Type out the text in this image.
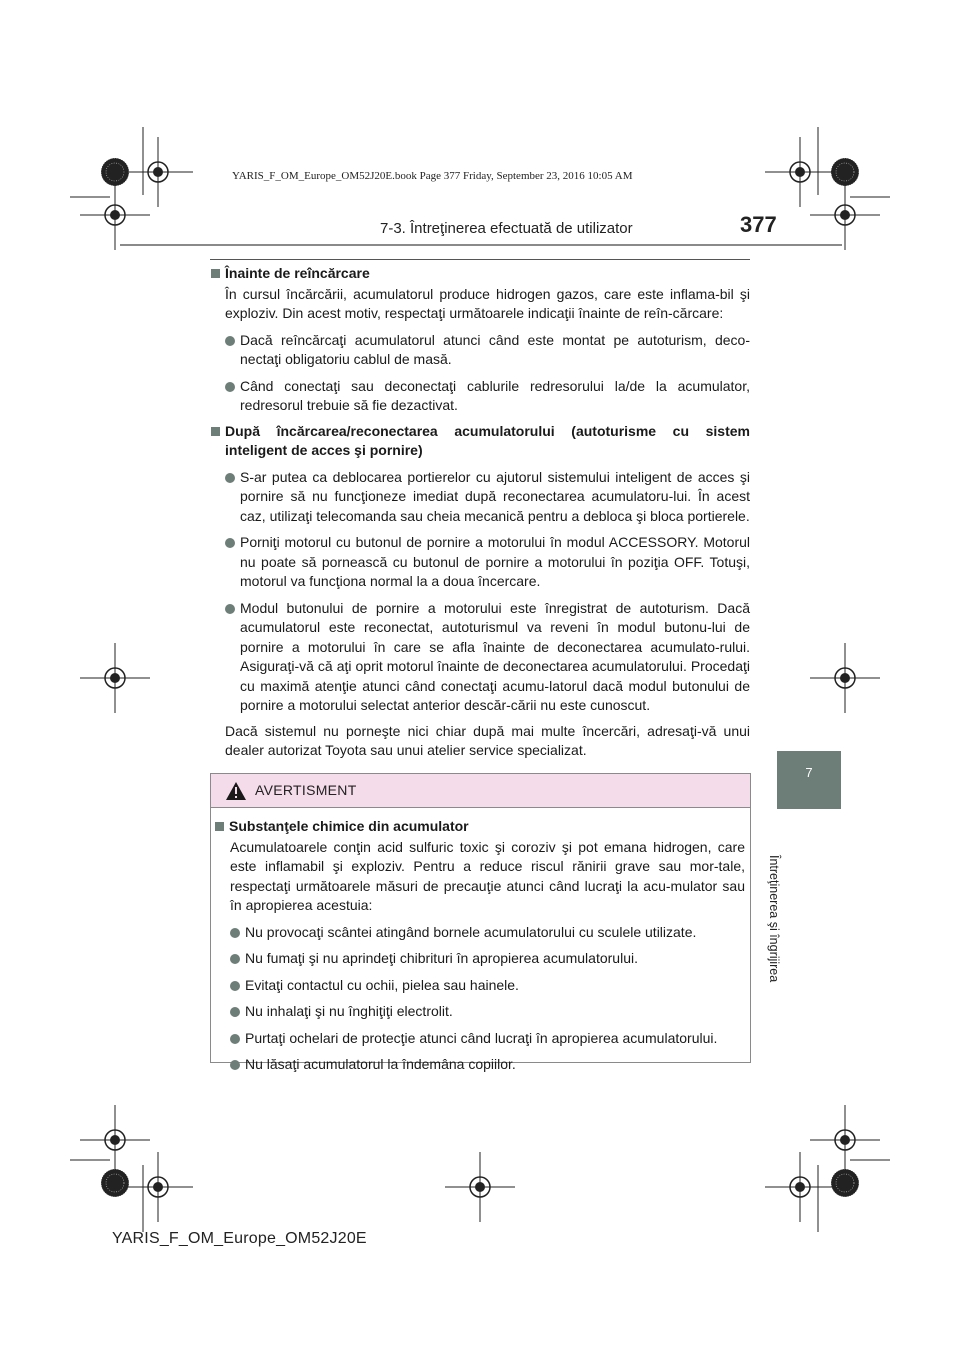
YARIS_F_OM_Europe_OM52J20E.book Page 377 Friday, September 23, 2016 10:05 AM
7-3. Întreţinerea efectuată de utilizator	377
7
Întreţinerea şi îngrijirea
Înainte de reîncărcare
În cursul încărcării, acumulatorul produce hidrogen gazos, care este inflama-bil şi exploziv. Din acest motiv, respectaţi următoarele indicaţii înainte de reîn-cărcare:
Dacă reîncărcaţi acumulatorul atunci când este montat pe autoturism, deco-nectaţi obligatoriu cablul de masă.
Când conectaţi sau deconectaţi cablurile redresorului la/de la acumulator, redresorul trebuie să fie dezactivat.
După încărcarea/reconectarea acumulatorului (autoturisme cu sistem inteligent de acces şi pornire)
S-ar putea ca deblocarea portierelor cu ajutorul sistemului inteligent de acces şi pornire să nu funcţioneze imediat după reconectarea acumulatoru-lui. În acest caz, utilizaţi telecomanda sau cheia mecanică pentru a debloca şi bloca portierele.
Porniţi motorul cu butonul de pornire a motorului în modul ACCESSORY. Motorul nu poate să pornească cu butonul de pornire a motorului în poziţia OFF. Totuşi, motorul va funcţiona normal la a doua încercare.
Modul butonului de pornire a motorului este înregistrat de autoturism. Dacă acumulatorul este reconectat, autoturismul va reveni în modul butonu-lui de pornire a motorului în care se afla înainte de deconectarea acumulato-rului. Asiguraţi-vă că aţi oprit motorul înainte de deconectarea acumulatorului. Procedaţi cu maximă atenţie atunci când conectaţi acumu-latorul dacă modul butonului de pornire a motorului selectat anterior descăr-cării nu este cunoscut.
Dacă sistemul nu porneşte nici chiar după mai multe încercări, adresaţi-vă unui dealer autorizat Toyota sau unui atelier service specializat.
AVERTISMENT
Substanţele chimice din acumulator
Acumulatoarele conţin acid sulfuric toxic şi coroziv şi pot emana hidrogen, care este inflamabil şi exploziv. Pentru a reduce riscul rănirii grave sau mor-tale, respectaţi următoarele măsuri de precauţie atunci când lucraţi la acu-mulator sau în apropierea acestuia:
Nu provocaţi scântei atingând bornele acumulatorului cu sculele utilizate.
Nu fumaţi şi nu aprindeţi chibrituri în apropierea acumulatorului.
Evitaţi contactul cu ochii, pielea sau hainele.
Nu inhalaţi şi nu înghiţiţi electrolit.
Purtaţi ochelari de protecţie atunci când lucraţi în apropierea acumulatorului.
Nu lăsaţi acumulatorul la îndemâna copiilor.
YARIS_F_OM_Europe_OM52J20E
